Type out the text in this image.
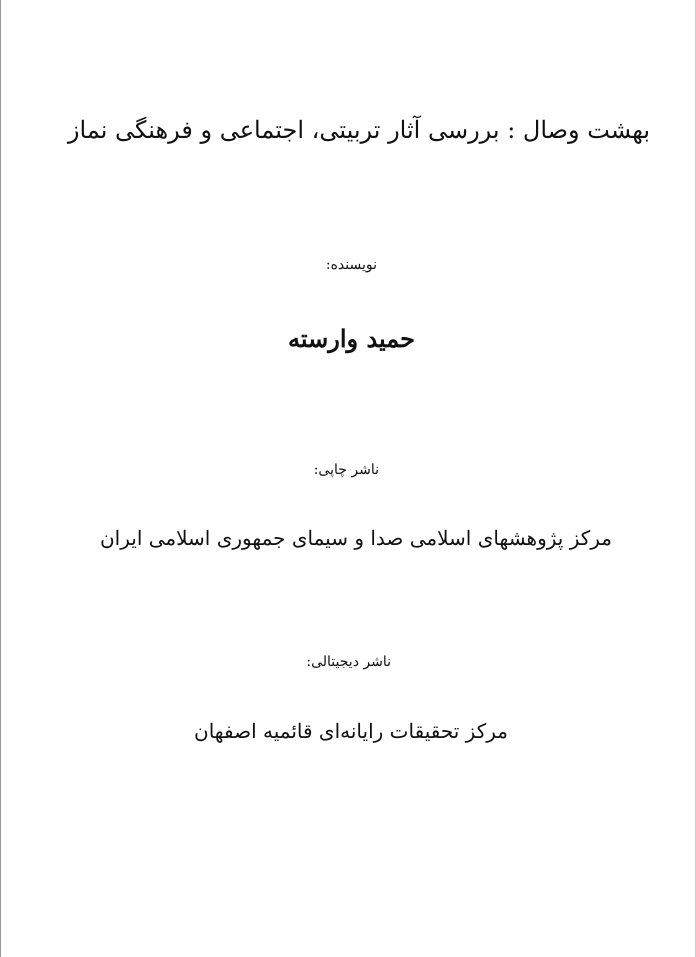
بهشت وصال : بررسی آثار تربیتی، اجتماعی و فرهنگی نماز
نویسنده:
حمید وارسته
ناشر چاپی:
مرکز پژوهشهای اسلامی صدا و سیمای جمهوری اسلامی ایران
ناشر دیجیتالی:
مرکز تحقیقات رایانه‌ای قائمیه اصفهان
